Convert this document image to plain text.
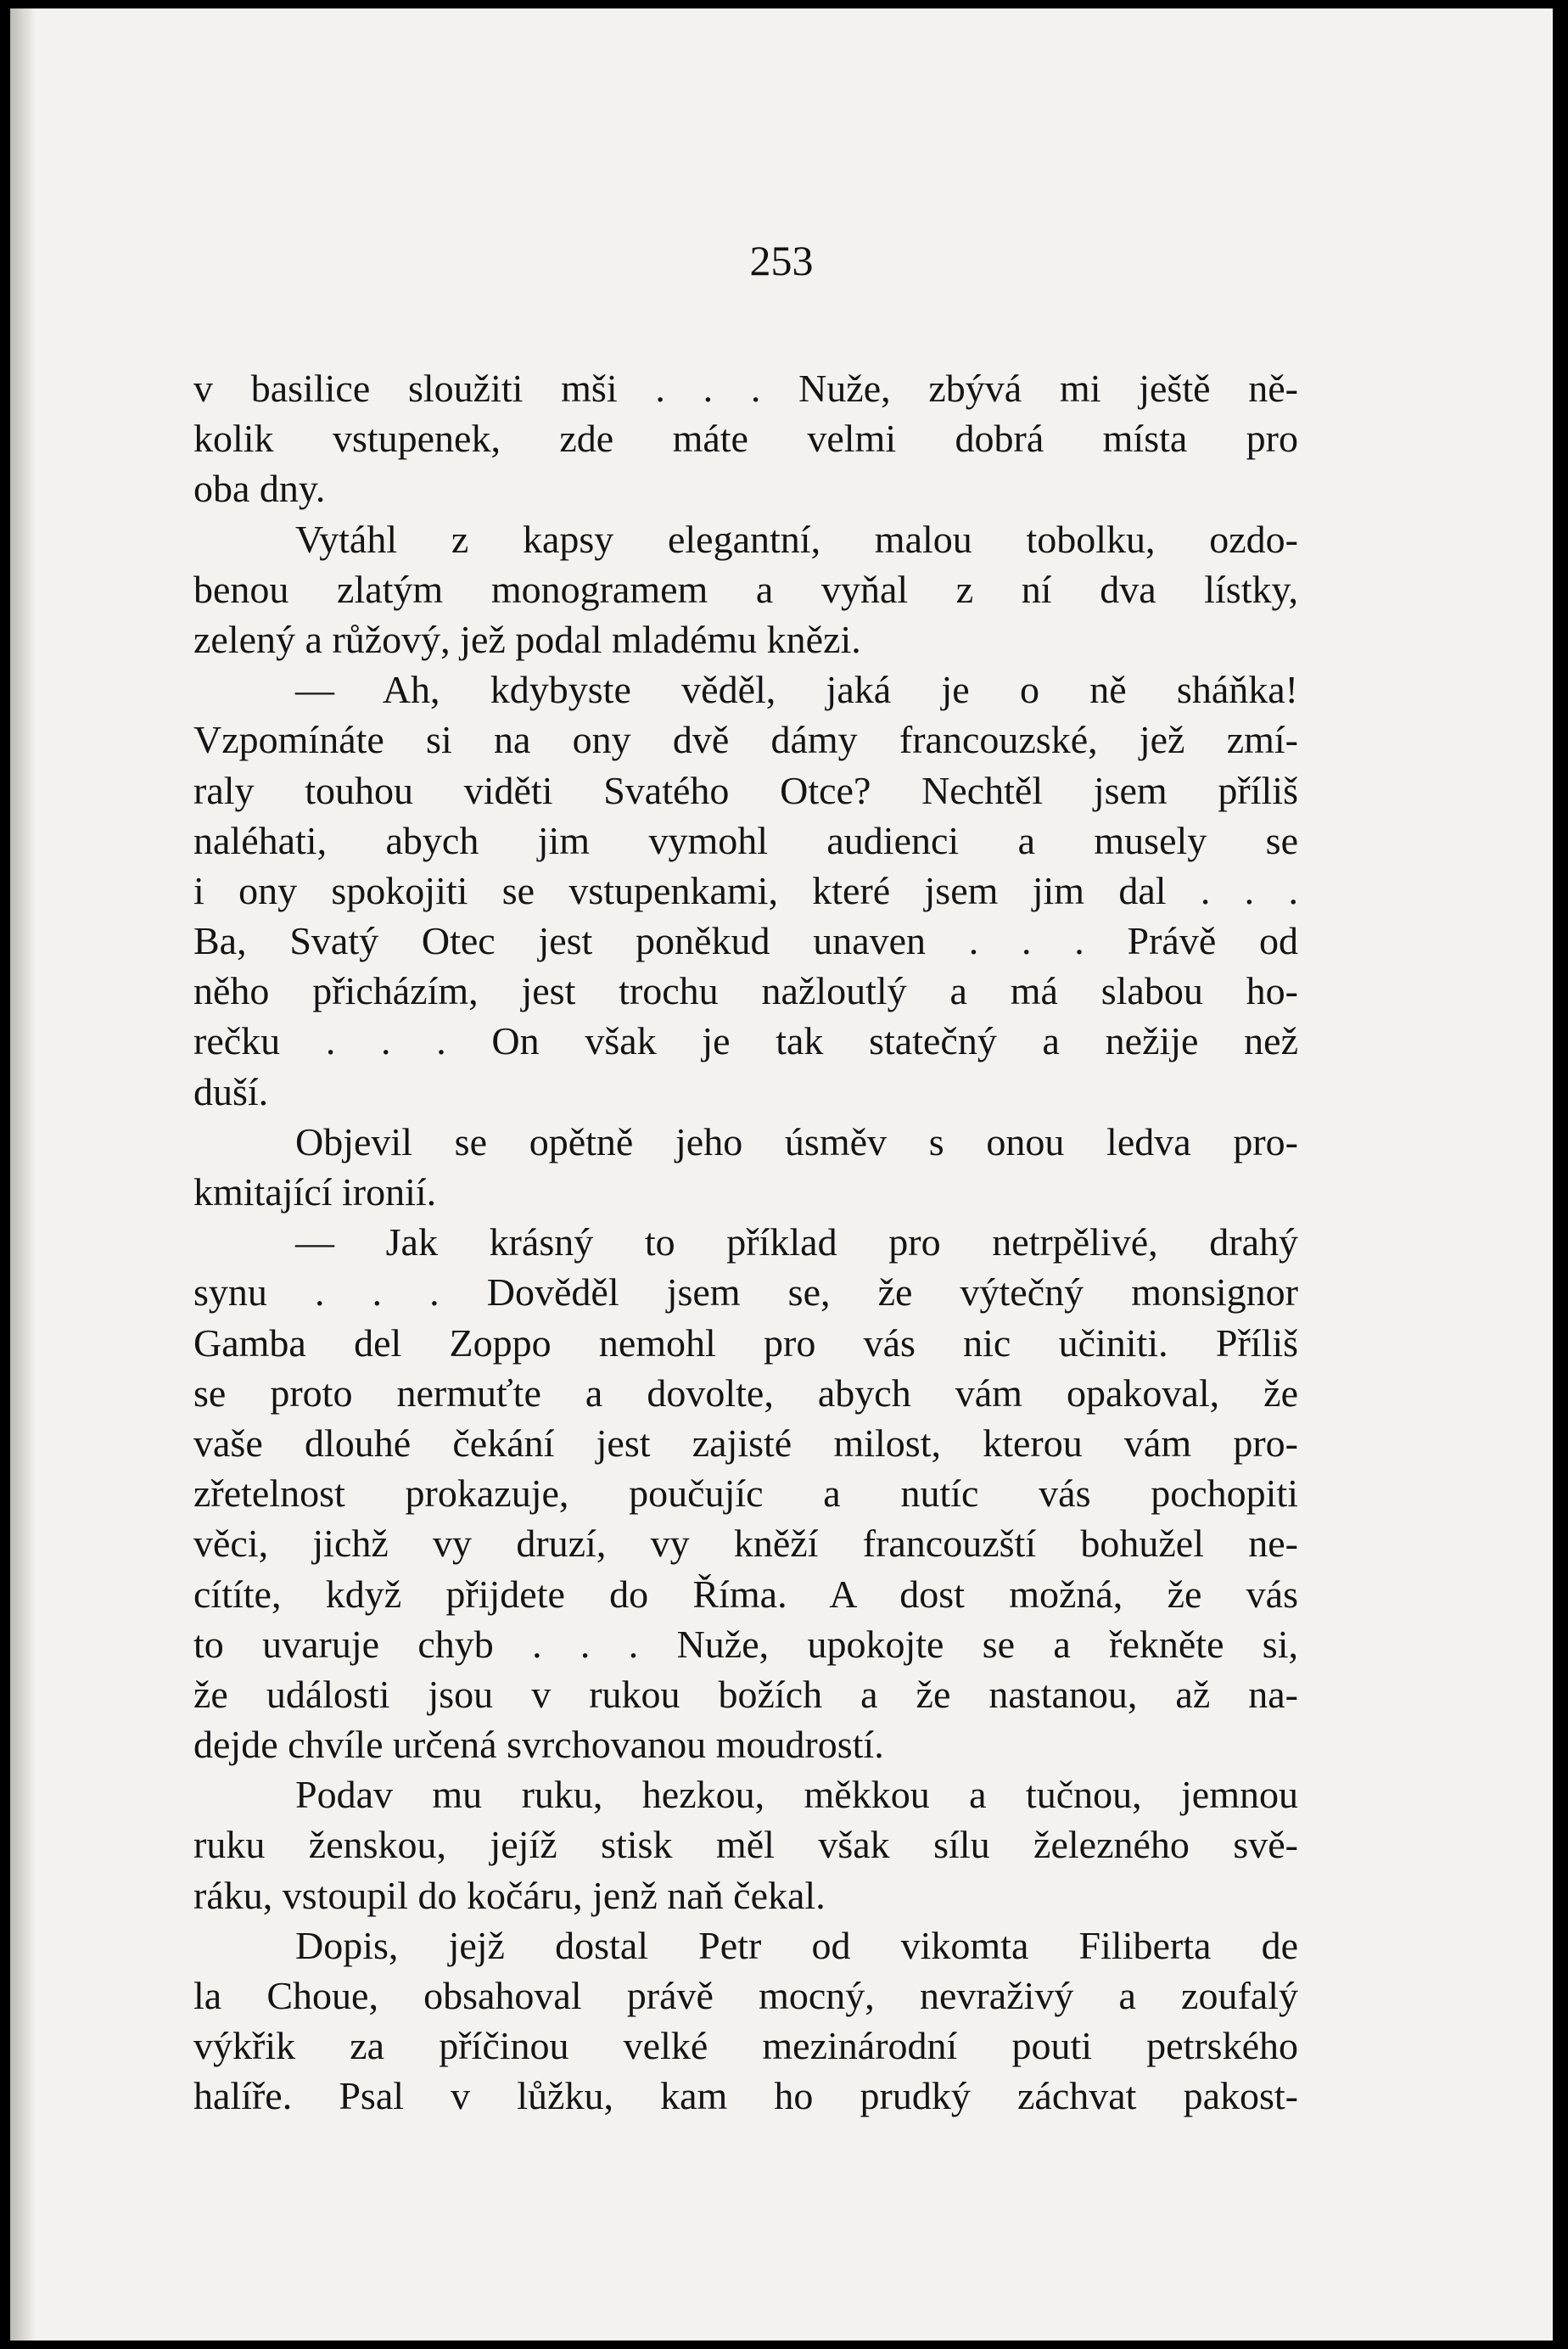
253
v basilice sloužiti mši . . . Nuže, zbývá mi ještě ně-
kolik vstupenek, zde máte velmi dobrá místa pro
oba dny.
Vytáhl z kapsy elegantní, malou tobolku, ozdo-
benou zlatým monogramem a vyňal z ní dva lístky,
zelený a růžový, jež podal mladému knězi.
— Ah, kdybyste věděl, jaká je o ně sháňka!
Vzpomínáte si na ony dvě dámy francouzské, jež zmí-
raly touhou viděti Svatého Otce? Nechtěl jsem příliš
naléhati, abych jim vymohl audienci a musely se
i ony spokojiti se vstupenkami, které jsem jim dal . . .
Ba, Svatý Otec jest poněkud unaven . . . Právě od
něho přicházím, jest trochu nažloutlý a má slabou ho-
rečku . . . On však je tak statečný a nežije než
duší.
Objevil se opětně jeho úsměv s onou ledva pro-
kmitající ironií.
— Jak krásný to příklad pro netrpělivé, drahý
synu . . . Dověděl jsem se, že výtečný monsignor
Gamba del Zoppo nemohl pro vás nic učiniti. Příliš
se proto nermuťte a dovolte, abych vám opakoval, že
vaše dlouhé čekání jest zajisté milost, kterou vám pro-
zřetelnost prokazuje, poučujíc a nutíc vás pochopiti
věci, jichž vy druzí, vy kněží francouzští bohužel ne-
cítíte, když přijdete do Říma. A dost možná, že vás
to uvaruje chyb . . . Nuže, upokojte se a řekněte si,
že události jsou v rukou božích a že nastanou, až na-
dejde chvíle určená svrchovanou moudrostí.
Podav mu ruku, hezkou, měkkou a tučnou, jemnou
ruku ženskou, jejíž stisk měl však sílu železného svě-
ráku, vstoupil do kočáru, jenž naň čekal.
Dopis, jejž dostal Petr od vikomta Filiberta de
la Choue, obsahoval právě mocný, nevraživý a zoufalý
výkřik za příčinou velké mezinárodní pouti petrského
halíře. Psal v lůžku, kam ho prudký záchvat pakost-
